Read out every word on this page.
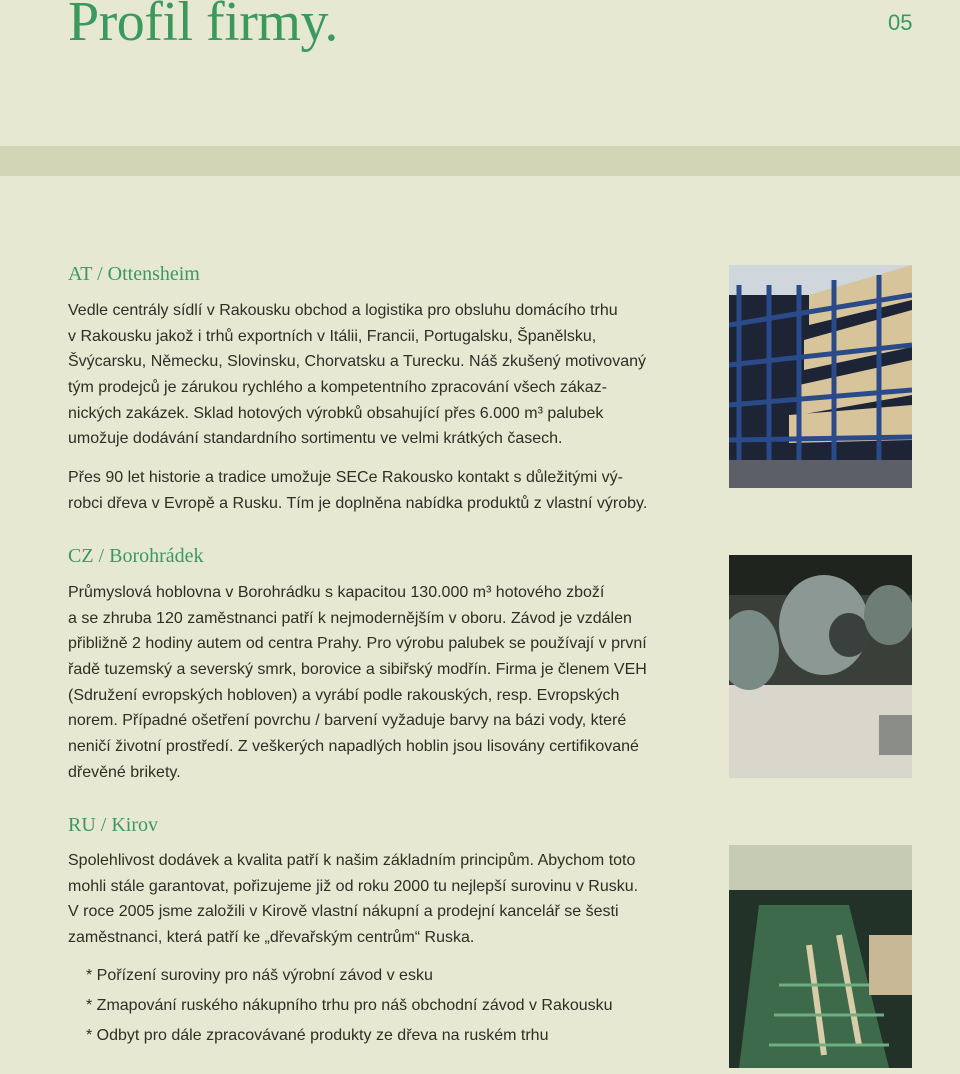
Profil firmy.	05
AT / Ottensheim
Vedle centrály sídlí v Rakousku obchod a logistika pro obsluhu domácího trhu
v Rakousku jakož i trhů exportních v Itálii, Francii, Portugalsku, Španělsku,
Švýcarsku, Německu, Slovinsku, Chorvatsku a Turecku. Náš zkušený motivovaný
tým prodejců je zárukou rychlého a kompetentního zpracování všech zákaz-
nických zakázek. Sklad hotových výrobků obsahující přes 6.000 m³ palubek
umožuje dodávání standardního sortimentu ve velmi krátkých časech.
Přes 90 let historie a tradice umožuje SECe Rakousko kontakt s důležitými vý-
robci dřeva v Evropě a Rusku. Tím je doplněna nabídka produktů z vlastní výroby.
CZ / Borohrádek
Průmyslová hoblovna v Borohrádku s kapacitou 130.000 m³ hotového zboží
a se zhruba 120 zaměstnanci patří k nejmodernějším v oboru. Závod je vzdálen
přibližně 2 hodiny autem od centra Prahy. Pro výrobu palubek se používají v první
řadě tuzemský a severský smrk, borovice a sibiřský modřín. Firma je členem VEH
(Sdružení evropských hobloven) a vyrábí podle rakouských, resp. Evropských
norem. Případné ošetření povrchu / barvení vyžaduje barvy na bázi vody, které
neničí životní prostředí. Z veškerých napadlých hoblin jsou lisovány certifikované
dřevěné brikety.
RU / Kirov
Spolehlivost dodávek a kvalita patří k našim základním principům. Abychom toto
mohli stále garantovat, pořizujeme již od roku 2000 tu nejlepší surovinu v Rusku.
V roce 2005 jsme založili v Kirově vlastní nákupní a prodejní kancelář se šesti
zaměstnanci, která patří ke „dřevařským centrům“ Ruska.
* Pořízení suroviny pro náš výrobní závod v esku
* Zmapování ruského nákupního trhu pro náš obchodní závod v Rakousku
* Odbyt pro dále zpracovávané produkty ze dřeva na ruském trhu
